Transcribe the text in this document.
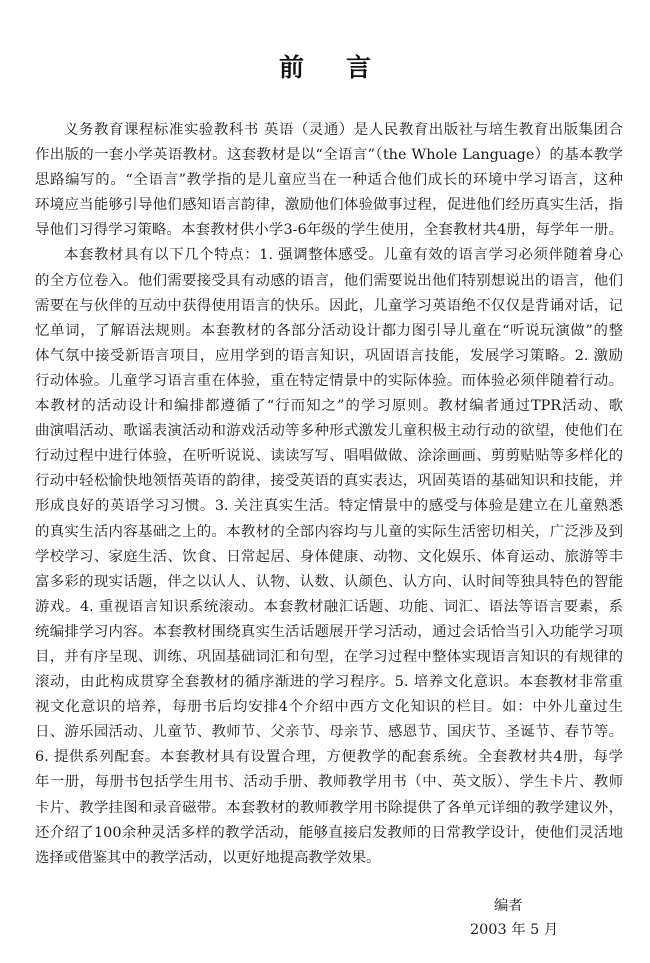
前言
义务教育课程标准实验教科书 英语（灵通）是人民教育出版社与培生教育出版集团合
作出版的一套小学英语教材。这套教材是以“全语言”（the Whole Language）的基本教学
思路编写的。“全语言”教学指的是儿童应当在一种适合他们成长的环境中学习语言，这种
环境应当能够引导他们感知语言韵律，激励他们体验做事过程，促进他们经历真实生活，指
导他们习得学习策略。本套教材供小学3-6年级的学生使用，全套教材共4册，每学年一册。
本套教材具有以下几个特点：1. 强调整体感受。儿童有效的语言学习必须伴随着身心
的全方位卷入。他们需要接受具有动感的语言，他们需要说出他们特别想说出的语言，他们
需要在与伙伴的互动中获得使用语言的快乐。因此，儿童学习英语绝不仅仅是背诵对话，记
忆单词，了解语法规则。本套教材的各部分活动设计都力图引导儿童在“听说玩演做”的整
体气氛中接受新语言项目，应用学到的语言知识，巩固语言技能，发展学习策略。2. 激励
行动体验。儿童学习语言重在体验，重在特定情景中的实际体验。而体验必须伴随着行动。
本教材的活动设计和编排都遵循了“行而知之”的学习原则。教材编者通过TPR活动、歌
曲演唱活动、歌谣表演活动和游戏活动等多种形式激发儿童积极主动行动的欲望，使他们在
行动过程中进行体验，在听听说说、读读写写、唱唱做做、涂涂画画、剪剪贴贴等多样化的
行动中轻松愉快地领悟英语的韵律，接受英语的真实表达，巩固英语的基础知识和技能，并
形成良好的英语学习习惯。3. 关注真实生活。特定情景中的感受与体验是建立在儿童熟悉
的真实生活内容基础之上的。本教材的全部内容均与儿童的实际生活密切相关，广泛涉及到
学校学习、家庭生活、饮食、日常起居、身体健康、动物、文化娱乐、体育运动、旅游等丰
富多彩的现实话题，伴之以认人、认物、认数、认颜色、认方向、认时间等独具特色的智能
游戏。4. 重视语言知识系统滚动。本套教材融汇话题、功能、词汇、语法等语言要素，系
统编排学习内容。本套教材围绕真实生活话题展开学习活动，通过会话恰当引入功能学习项
目，并有序呈现、训练、巩固基础词汇和句型，在学习过程中整体实现语言知识的有规律的
滚动，由此构成贯穿全套教材的循序渐进的学习程序。5. 培养文化意识。本套教材非常重
视文化意识的培养，每册书后均安排4个介绍中西方文化知识的栏目。如：中外儿童过生
日、游乐园活动、儿童节、教师节、父亲节、母亲节、感恩节、国庆节、圣诞节、春节等。
6. 提供系列配套。本套教材具有设置合理，方便教学的配套系统。全套教材共4册，每学
年一册，每册书包括学生用书、活动手册、教师教学用书（中、英文版）、学生卡片、教师
卡片、教学挂图和录音磁带。本套教材的教师教学用书除提供了各单元详细的教学建议外，
还介绍了100余种灵活多样的教学活动，能够直接启发教师的日常教学设计，使他们灵活地
选择或借鉴其中的教学活动，以更好地提高教学效果。
编者
2003 年 5 月
